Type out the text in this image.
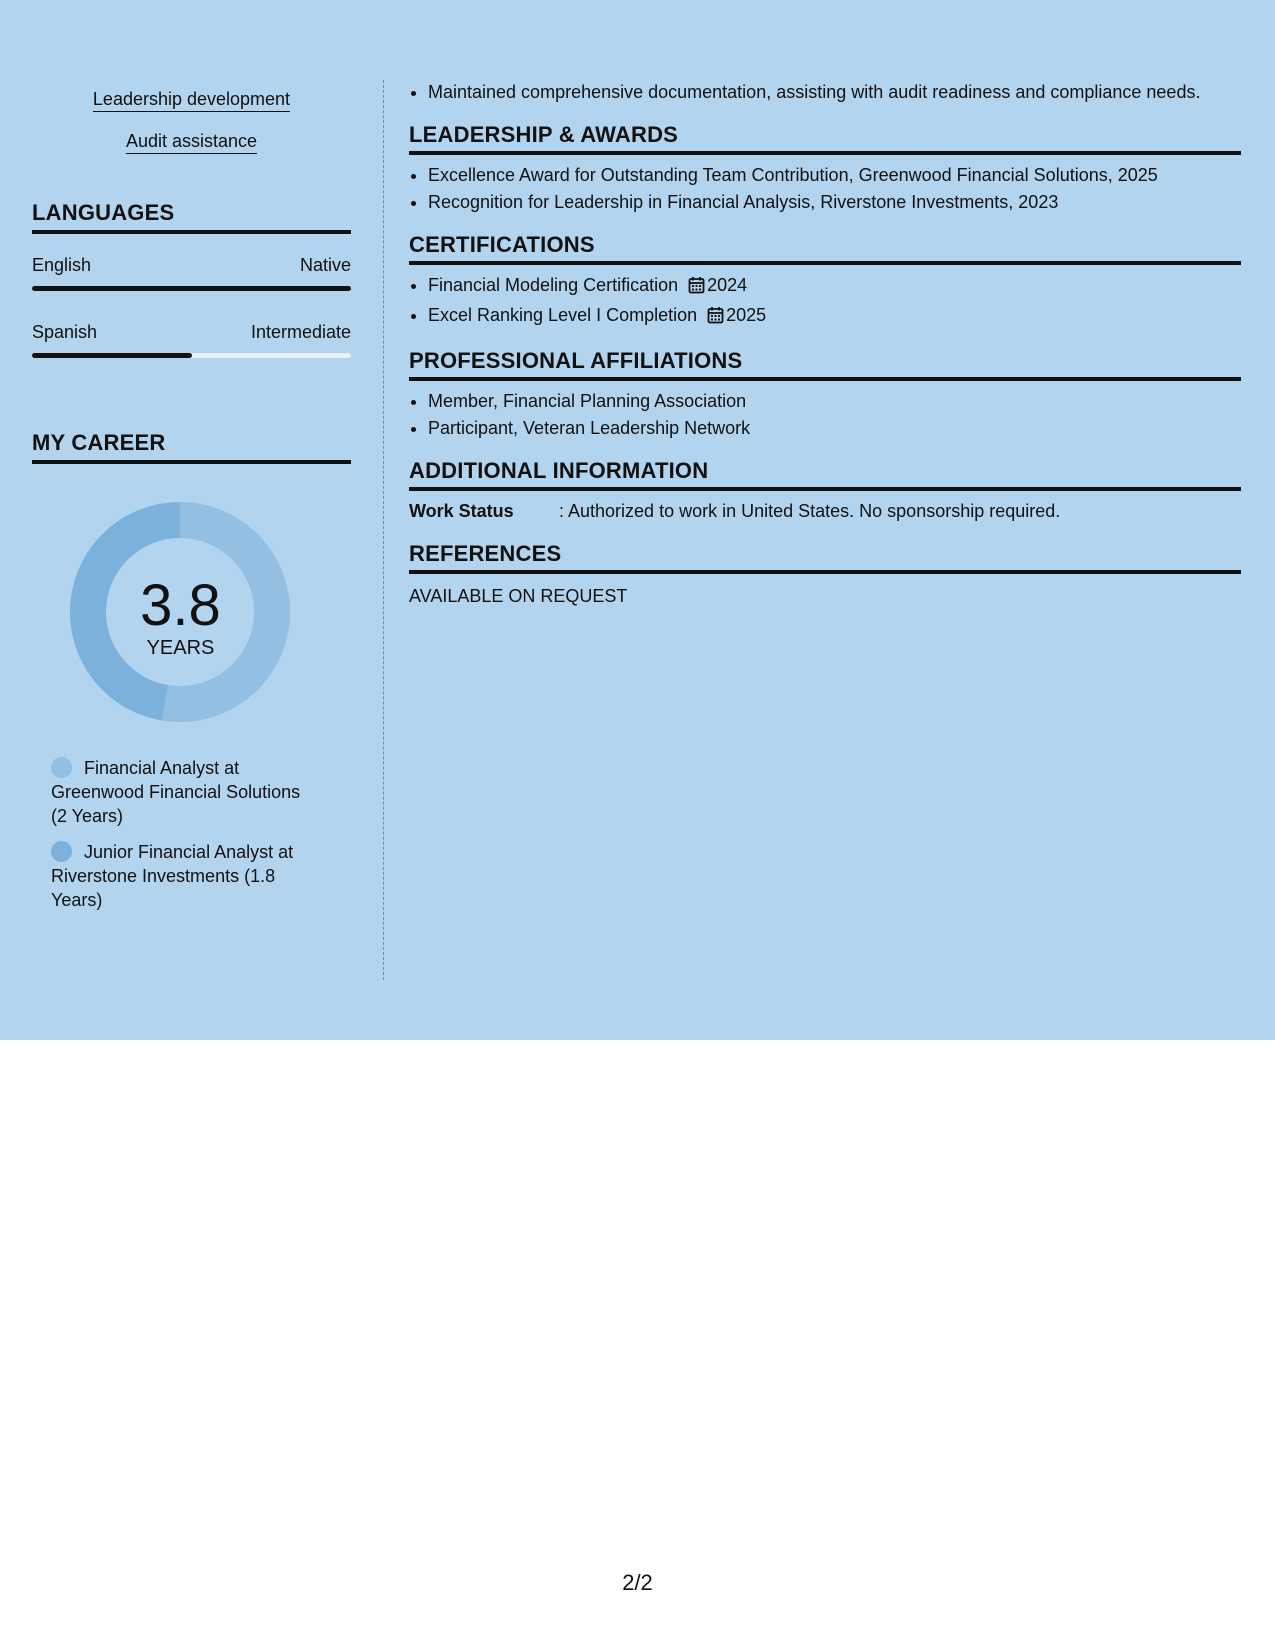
Leadership development
Audit assistance
LANGUAGES
English	Native
Spanish	Intermediate
MY CAREER
3.8
YEARS
Financial Analyst at Greenwood Financial Solutions (2 Years)
Junior Financial Analyst at Riverstone Investments (1.8 Years)
• Maintained comprehensive documentation, assisting with audit readiness and compliance needs.
LEADERSHIP & AWARDS
• Excellence Award for Outstanding Team Contribution, Greenwood Financial Solutions, 2025
• Recognition for Leadership in Financial Analysis, Riverstone Investments, 2023
CERTIFICATIONS
• Financial Modeling Certification 2024
• Excel Ranking Level I Completion 2025
PROFESSIONAL AFFILIATIONS
• Member, Financial Planning Association
• Participant, Veteran Leadership Network
ADDITIONAL INFORMATION
Work Status	: Authorized to work in United States. No sponsorship required.
REFERENCES
AVAILABLE ON REQUEST
2/2
